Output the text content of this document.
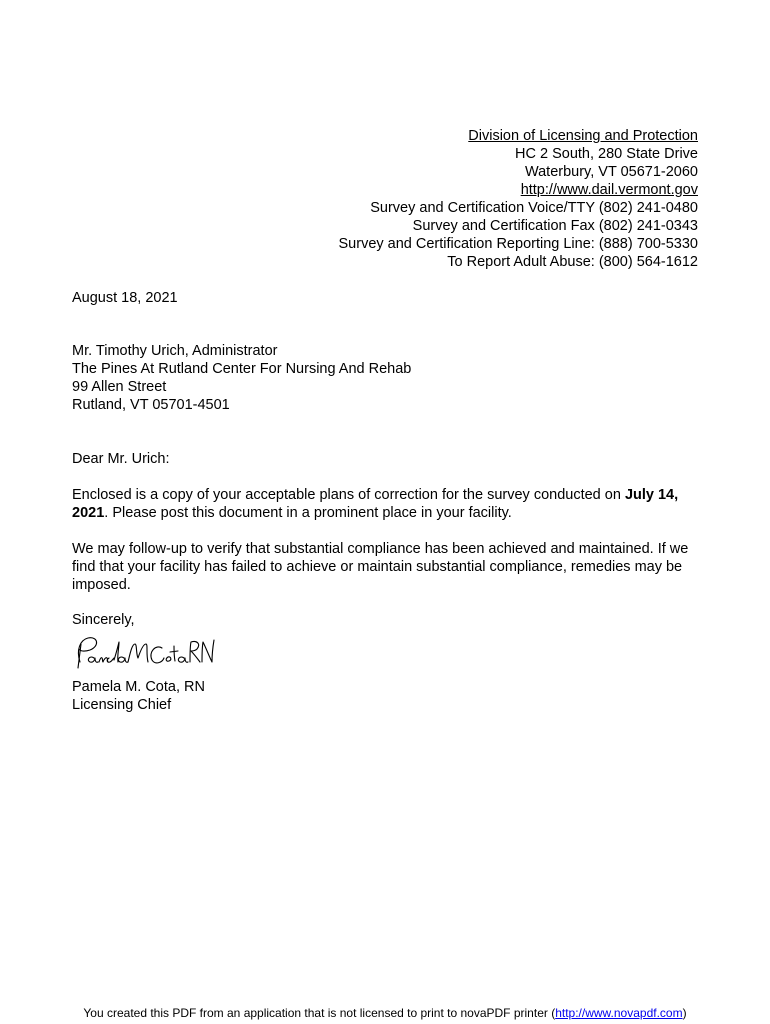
Division of Licensing and Protection
HC 2 South, 280 State Drive
Waterbury, VT 05671-2060
http://www.dail.vermont.gov
Survey and Certification Voice/TTY (802) 241-0480
Survey and Certification Fax (802) 241-0343
Survey and Certification Reporting Line: (888) 700-5330
To Report Adult Abuse: (800) 564-1612
August 18, 2021
Mr. Timothy Urich, Administrator
The Pines At Rutland Center For Nursing And Rehab
99 Allen Street
Rutland, VT 05701-4501
Dear Mr. Urich:

Enclosed is a copy of your acceptable plans of correction for the survey conducted on July 14, 2021. Please post this document in a prominent place in your facility.

We may follow-up to verify that substantial compliance has been achieved and maintained. If we find that your facility has failed to achieve or maintain substantial compliance, remedies may be imposed.

Sincerely,
PamelaMCotaRN
Pamela M. Cota, RN
Licensing Chief
You created this PDF from an application that is not licensed to print to novaPDF printer (http://www.novapdf.com)
